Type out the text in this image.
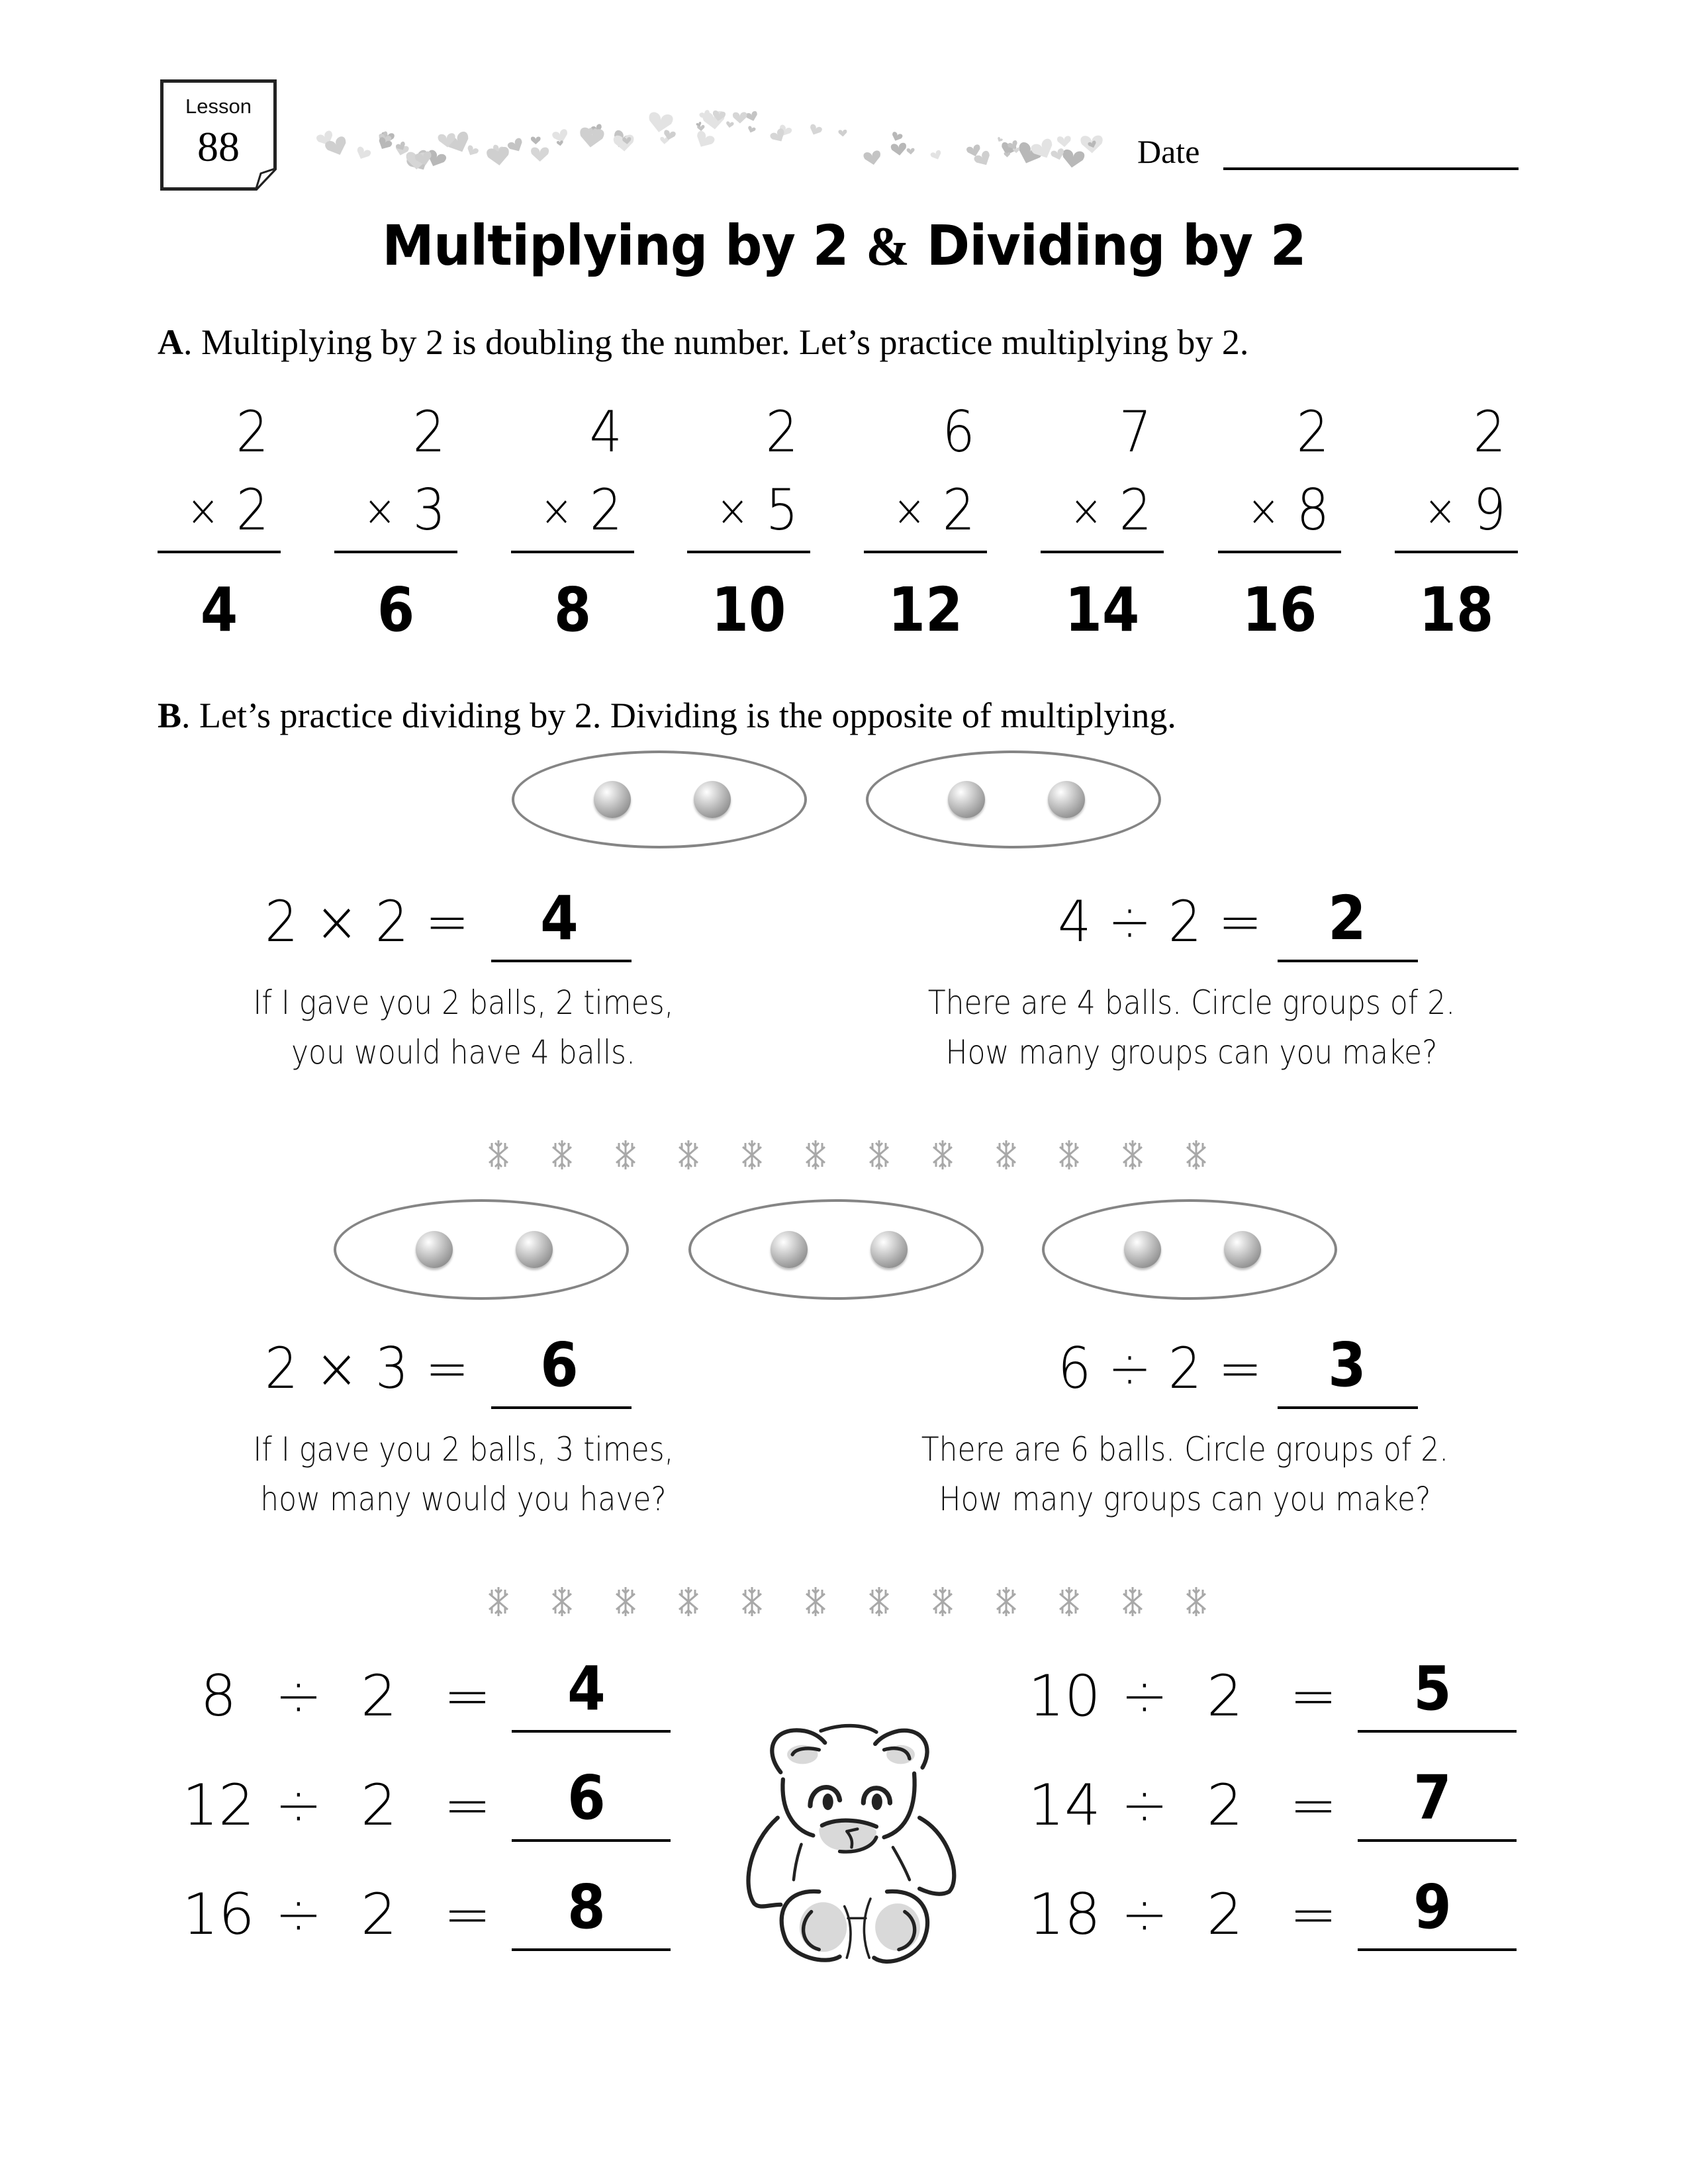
Lesson
88	Date
Multiplying by 2 & Dividing by 2
A. Multiplying by 2 is doubling the number. Let’s practice multiplying by 2.
2
× 2
4
2
× 3
6
4
× 2
8
2
× 5
10
6
× 2
12
7
× 2
14
2
× 8
16
2
× 9
18
B. Let’s practice dividing by 2. Dividing is the opposite of multiplying.
2 × 2 =	4
If I gave you 2 balls, 2 times,
you would have 4 balls.
4 ÷ 2 =	2
There are 4 balls. Circle groups of 2.
How many groups can you make?
2 × 3 =	6
If I gave you 2 balls, 3 times,
how many would you have?
6 ÷ 2 =	3
There are 6 balls. Circle groups of 2.
How many groups can you make?
8 ÷ 2 =	4
12 ÷ 2 =	6
16 ÷ 2 =	8
10 ÷ 2 =	5
14 ÷ 2 =	7
18 ÷ 2 =	9
